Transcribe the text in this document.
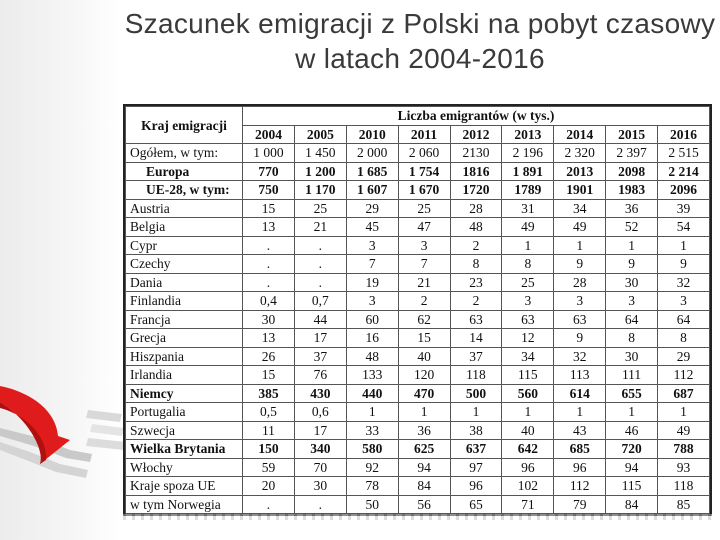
Szacunek emigracji z Polski na pobyt czasowy w latach 2004-2016
Kraj emigracji	Liczba emigrantów (w tys.)								
	2004	2005	2010	2011	2012	2013	2014	2015	2016
Ogółem, w tym:	1 000	1 450	2 000	2 060	2130	2 196	2 320	2 397	2 515
Europa	770	1 200	1 685	1 754	1816	1 891	2013	2098	2 214
UE-28, w tym:	750	1 170	1 607	1 670	1720	1789	1901	1983	2096
Austria	15	25	29	25	28	31	34	36	39
Belgia	13	21	45	47	48	49	49	52	54
Cypr	.	.	3	3	2	1	1	1	1
Czechy	.	.	7	7	8	8	9	9	9
Dania	.	.	19	21	23	25	28	30	32
Finlandia	0,4	0,7	3	2	2	3	3	3	3
Francja	30	44	60	62	63	63	63	64	64
Grecja	13	17	16	15	14	12	9	8	8
Hiszpania	26	37	48	40	37	34	32	30	29
Irlandia	15	76	133	120	118	115	113	111	112
Niemcy	385	430	440	470	500	560	614	655	687
Portugalia	0,5	0,6	1	1	1	1	1	1	1
Szwecja	11	17	33	36	38	40	43	46	49
Wielka Brytania	150	340	580	625	637	642	685	720	788
Włochy	59	70	92	94	97	96	96	94	93
Kraje spoza UE	20	30	78	84	96	102	112	115	118
w tym Norwegia	.	.	50	56	65	71	79	84	85
